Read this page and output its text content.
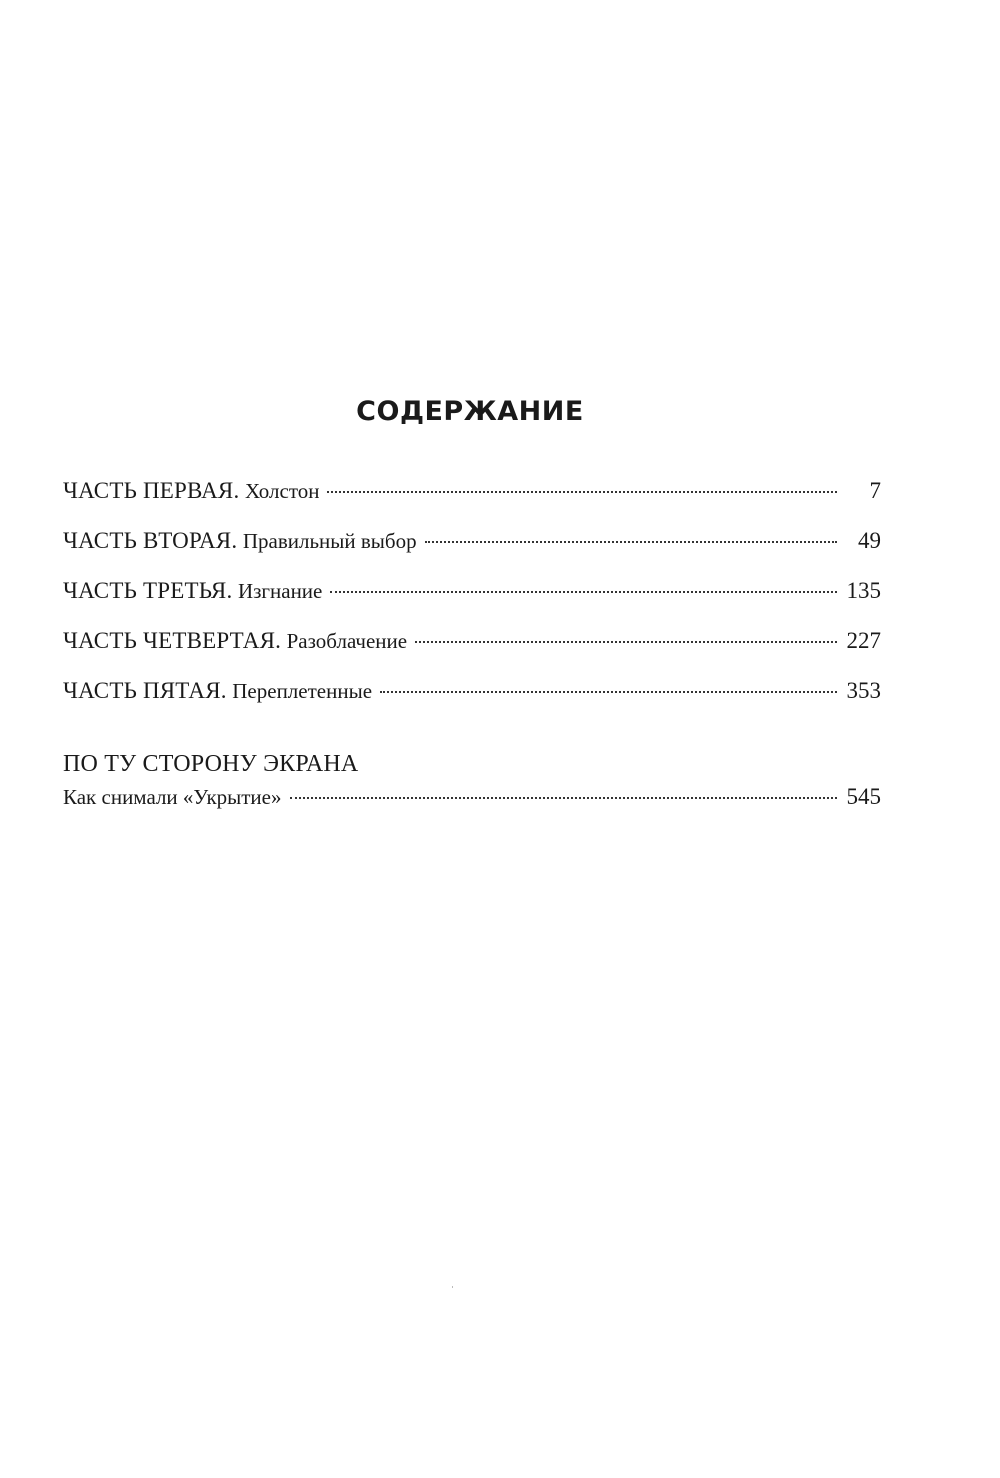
СОДЕРЖАНИЕ
ЧАСТЬ ПЕРВАЯ . Холстон	7
ЧАСТЬ ВТОРАЯ . Правильный выбор	49
ЧАСТЬ ТРЕТЬЯ . Изгнание	135
ЧАСТЬ ЧЕТВЕРТАЯ . Разоблачение	227
ЧАСТЬ ПЯТАЯ . Переплетенные	353
ПО ТУ СТОРОНУ ЭКРАНА
Как снимали «Укрытие»	545
